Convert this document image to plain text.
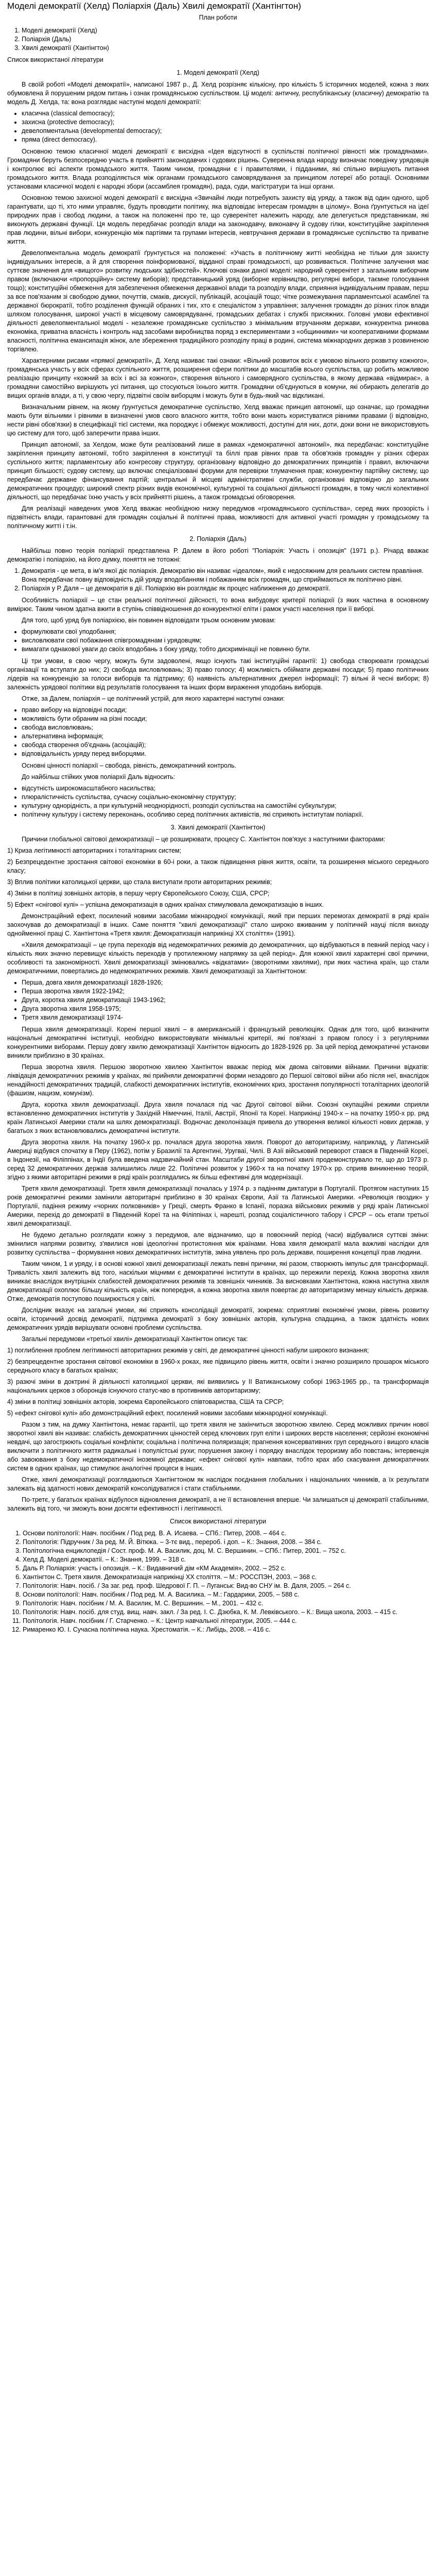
Моделі демократії (Хелд) Поліархія (Даль) Хвилі демократії (Хантінгтон)
План роботи
1. Моделі демократії (Хелд)
2. Поліархія (Даль)
3. Хвилі демократії (Хантінгтон)
Список використаної літератури
1. Моделі демократії (Хелд)

В своїй роботі «Моделі демократії», написаної 1987 р., Д. Хелд розрізняє кількісну, про кількість 5 історичних моделей, кожна з яких обумовлена й порушеним рядом питань і ознак громадянською суспільством. Ці моделі: античну, республіканську (класичну) демократію та модель Д. Хелда, та: вона розглядає наступні моделі демократії:

• класична (classical democracy);
• захисна (protective democracy);
• девелопментальна (developmental democracy);
• пряма (direct democracy).

Основною темою класичної моделі демократії є висхідна «Ідея відсутності в суспільстві політичної рівності між громадянами». Громадяни беруть безпосередню участь в прийнятті законодавчих і судових рішень. Суверенна влада народу визначає поведінку урядовців і контролює всі аспекти громадського життя. Таким чином, громадяни є і правителями, і підданими, які спільно вирішують питання громадського життя. Влада розподіляється між органами громадського самоврядування за принципом лотереї або ротації. Основними установами класичної моделі є народні збори (ассамблея громадян), рада, суди, магістратури та інші органи.

Основною темою захисної моделі демократії є висхідна «Звичайні люди потребують захисту від уряду, а також від один одного, щоб гарантувати, що ті, хто ними управляє, будуть проводити політику, яка відповідає інтересам громадян в цілому». Вона ґрунтується на ідеї природних прав і свобод людини, а також на положенні про те, що суверенітет належить народу, але делегується представникам, які виконують державні функції. Ця модель передбачає розподіл влади на законодавчу, виконавчу й судову гілки, конституційне закріплення прав людини, вільні вибори, конкуренцію між партіями та групами інтересів, невтручання держави в громадянське суспільство та приватне життя.

Девелопментальна модель демократії ґрунтується на положенні: «Участь в політичному житті необхідна не тільки для захисту індивідуальних інтересів, а й для створення поінформованої, відданої справі громадськості, що розвивається. Політичне залучення має суттєве значення для «вищого» розвитку людських здібностей». Ключові ознаки даної моделі: народний суверенітет з загальним виборчим правом (включаючи «пропорційну» систему виборів); представницький уряд (виборне керівництво, регулярні вибори, таємне голосування тощо); конституційні обмеження для забезпечення обмеження державної влади та розподілу влади, сприяння індивідуальним правам, перш за все пов'язаним зі свободою думки, почуттів, смаків, дискусії, публікацій, асоціацій тощо; чітке розмежування парламентської асамблеї та державної бюрократії, тобто розділення функцій обраних і тих, хто є спеціалістом з управління; залучення громадян до різних гілок влади шляхом голосування, широкої участі в місцевому самоврядуванні, громадських дебатах і службі присяжних. Головні умови ефективної діяльності девелопментальної моделі - незалежне громадянське суспільство з мінімальним втручанням держави, конкурентна ринкова економіка, приватна власність і контроль над засобами виробництва поряд з експериментами з «общинними» чи кооперативними формами власності, політична емансипація жінок, але збереження традиційного розподілу праці в родині, система міжнародних держав з розвиненою торгівлею.

Характерними рисами «прямої демократії», Д. Хелд називає такі ознаки: «Вільний розвиток всіх є умовою вільного розвитку кожного», громадянська участь у всіх сферах суспільного життя, розширення сфери політики до масштабів всього суспільства, що робить можливою реалізацію принципу «кожний за всіх і всі за кожного», створення вільного і самоврядного суспільства, в якому держава «відмирає», а громадяни самостійно вирішують усі питання, що стосуються їхнього життя. Громадяни об'єднуються в комуни, які обирають делегатів до вищих органів влади, а ті, у свою чергу, підзвітні своїм виборцям і можуть бути в будь-який час відкликані.

Визначальним рівнем, на якому ґрунтується демократичне суспільство, Хелд вважає принцип автономії, що означає, що громадяни мають бути вільними і рівними в визначенні умов свого власного життя, тобто вони мають користуватися рівними правами (і відповідно, нести рівні обов'язки) в специфікації тієї системи, яка породжує і обмежує можливості, доступні для них, доти, доки вони не використовують цю систему для того, щоб заперечити права інших.

Принцип автономії, за Хелдом, може бути реалізований лише в рамках «демократичної автономії», яка передбачає: конституційне закріплення принципу автономії, тобто закріплення в конституції та біллі прав рівних прав та обов'язків громадян у різних сферах суспільного життя; парламентську або конгресову структуру, організовану відповідно до демократичних принципів і правил, включаючи принцип більшості; судову систему, що включає спеціалізовані форуми для перевірки тлумачення прав; конкурентну партійну систему, що передбачає державне фінансування партій; центральні й місцеві адміністративні служби, організовані відповідно до загальних демократичних процедур; широкий спектр різних видів економічної, культурної та соціальної діяльності громадян, в тому числі колективної діяльності, що передбачає їхню участь у всіх прийнятті рішень, а також громадські обговорення.

Для реалізації наведених умов Хелд вважає необхідною низку передумов «громадянського суспільства», серед яких прозорість і підзвітність влади, гарантовані для громадян соціальні й політичні права, можливості для активної участі громадян у громадському та політичному житті і т.ін.

2. Поліархія (Даль)

Найбільш повно теорія поліархії представлена Р. Далем в його роботі "Поліархія: Участь і опозиція" (1971 р.). Річард вважає демократію і поліархію, на його думку, поняття не тотожні:

1. Демократія - це мета, в ім'я якої діє поліархія. Демократію він називає «ідеалом», який є недосяжним для реальних систем правління. Вона передбачає повну відповідність дій уряду вподобанням і побажанням всіх громадян, що сприймаються як політично рівні.
2. Поліархія у Р. Даля – це демократія в дії. Поліархію він розглядає як процес наближення до демократії.

Особливість поліархії – це стан реальної політичної дійсності, то вона вибудовує критерії поліархії (з яких частина в основному вимірює. Таким чином здатна вжити в ступінь співвідношення до конкурентної еліти і рамок участі населення при її виборі.

Для того, щоб уряд був поліархією, він повинен відповідати трьом основним умовам:

• формулювати свої уподобання;
• висловлювати свої побажання співгромадянам і урядовцям;
• вимагати однакової уваги до своїх вподобань з боку уряду, тобто дискримінації не повинно бути.

Ці три умови, в свою чергу, можуть бути задоволені, якщо існують такі інституційні гарантії: 1) свобода створювати громадські організації та вступати до них; 2) свобода висловлювань; 3) право голосу; 4) можливість обіймати державні посади; 5) право політичних лідерів на конкуренцію за голоси виборців та підтримку; 6) наявність альтернативних джерел інформації; 7) вільні й чесні вибори; 8) залежність урядової політики від результатів голосування та інших форм вираження уподобань виборців.

Отже, за Далем, поліархія – це політичний устрій, для якого характерні наступні ознаки:

• право вибору на відповідні посади;
• можливість бути обраним на різні посади;
• свобода висловлювань;
• альтернативна інформація;
• свобода створення об'єднань (асоціацій);
• відповідальність уряду перед виборцями.

Основні цінності поліархії – свобода, рівність, демократичний контроль.

До найбільш стійких умов поліархії Даль відносить:

• відсутність широкомасштабного насильства;
• плюралістичність суспільства, сучасну соціально-економічну структуру;
• культурну однорідність, а при культурній неоднорідності, розподіл суспільства на самостійні субкультури;
• політичну культуру і систему переконань, особливо серед політичних активістів, які сприяють інститутам поліархії.
3. Хвилі демократії (Хантінгтон)

Причини глобальної світової демократизації – це розширювати, процесу С. Хантінгтон пов'язує з наступними факторами:

1) Криза легітимності авторитарних і тоталітарних систем;

2) Безпрецедентне зростання світової економіки в 60-і роки, а також підвищення рівня життя, освіти, та розширення міського середнього класу;

3) Вплив політики католицької церкви, що стала виступати проти авторитарних режимів;

4) Зміни в політиці зовнішніх акторів, в першу чергу Європейського Союзу, США, СРСР;

5) Ефект «снігової кулі» – успішна демократизація в одних країнах стимулювала демократизацію в інших.

Демонстраційний ефект, посилений новими засобами міжнародної комунікації, який при перших перемогах демократії в ряді країн заохочував до демократизації в інших. Саме поняття "хвилі демократизації" стало широко вживаним у політичній науці після виходу однойменної праці С. Хантінгтона «Третя хвиля: Демократизація наприкінці ХХ століття» (1991).

«Хвиля демократизації – це група переходів від недемократичних режимів до демократичних, що відбуваються в певний період часу і кількість яких значно перевищує кількість переходів у протилежному напрямку за цей період». Для кожної хвилі характерні свої причини, особливості та закономірності. Хвилі демократизації змінювались «відкатами» (зворотними хвилями), при яких частина країн, що стали демократичними, повертались до недемократичних режимів. Хвилі демократизації за Хантінгтоном:

• Перша, довга хвиля демократизації 1828-1926;
• Перша зворотна хвиля 1922-1942;
• Друга, коротка хвиля демократизації 1943-1962;
• Друга зворотна хвиля 1958-1975;
• Третя хвиля демократизації 1974-

Перша хвиля демократизації. Корені першої хвилі – в американській і французькій революціях. Однак для того, щоб визначити національні демократичні інституції, необхідно використовувати мінімальні критерії, які пов'язані з правом голосу і з регулярними конкурентними виборами. Першу довгу хвилю демократизації Хантінгтон відносить до 1828-1926 рр. За цей період демократичні установи виникли приблизно в 30 країнах.

Перша зворотна хвиля. Першою зворотною хвилею Хантінгтон вважає період між двома світовими війнами. Причини відкатів: ліквідація демократичних режимів у країнах, які прийняли демократичні форми незадовго до Першої світової війни або після неї, внаслідок ненадійності демократичних традицій, слабкості демократичних інститутів, економічних криз, зростання популярності тоталітарних ідеологій (фашизм, нацизм, комунізм).

Друга, коротка хвиля демократизації. Друга хвиля почалася під час Другої світової війни. Союзні окупаційні режими сприяли встановленню демократичних інститутів у Західній Німеччині, Італії, Австрії, Японії та Кореї. Наприкінці 1940-х – на початку 1950-х рр. ряд країн Латинської Америки стали на шлях демократизації. Водночас деколонізація привела до утворення великої кількості нових держав, у багатьох з яких встановлювались демократичні інститути.

Друга зворотна хвиля. На початку 1960-х рр. почалася друга зворотна хвиля. Поворот до авторитаризму, наприклад, у Латинській Америці відбувся спочатку в Перу (1962), потім у Бразилії та Аргентині, Уругваї, Чилі. В Азії військовий переворот стався в Південній Кореї, в Індонезії, на Філіппінах, в Індії була введена надзвичайний стан. Масштаби другої зворотної хвилі продемонструвало те, що до 1973 р. серед 32 демократичних держав залишились лише 22. Політичні розвиток у 1960-х та на початку 1970-х рр. сприяв виникненню теорій, згідно з якими авторитарні режими в ряді країн розглядались як більш ефективні для модернізації.

Третя хвиля демократизації. Третя хвиля демократизації почалась у 1974 р. з падінням диктатури в Португалії. Протягом наступних 15 років демократичні режими замінили авторитарні приблизно в 30 країнах Європи, Азії та Латинської Америки. «Революція гвоздик» у Португалії, падіння режиму «чорних полковників» у Греції, смерть Франко в Іспанії, поразка військових режимів у ряді країн Латинської Америки, перехід до демократії в Південній Кореї та на Філіппінах і, нарешті, розпад соціалістичного табору і СРСР – ось етапи третьої хвилі демократизації.

Не будемо детально розглядати кожну з передумов, але відзначимо, що в повоєнний період (часи) відбувалися суттєві зміни: змінилися напрями розвитку, з'явилися нові ідеологічні протистояння між країнами. Нова хвиля демократії мала важливі наслідки для розвитку суспільства – формування нових демократичних інститутів, зміна уявлень про роль держави, поширення концепції прав людини.

Таким чином, 1 и уряду, і в основі кожної хвилі демократизації лежать певні причини, які разом, створюють імпульс для трансформації. Тривалість хвилі залежить від того, наскільки міцними є демократичні інститути в країнах, що пережили перехід. Кожна зворотна хвиля виникає внаслідок внутрішніх слабкостей демократичних режимів та зовнішніх чинників. За висновками Хантінгтона, кожна наступна хвиля демократизації охоплює більшу кількість країн, ніж попередня, а кожна зворотна хвиля повертає до авторитаризму меншу кількість держав. Отже, демократія поступово поширюється у світі.

Дослідник вказує на загальні умови, які сприяють консолідації демократії, зокрема: сприятливі економічні умови, рівень розвитку освіти, історичний досвід демократії, підтримка демократії з боку зовнішніх акторів, культурна спадщина, а також здатність нових демократичних урядів вирішувати основні проблеми суспільства.

Загальні передумови «третьої хвилі» демократизації Хантінгтон описує так:

1) поглиблення проблем легітимності авторитарних режимів у світі, де демократичні цінності набули широкого визнання;

2) безпрецедентне зростання світової економіки в 1960-х роках, яке підвищило рівень життя, освіти і значно розширило прошарок міського середнього класу в багатьох країнах;

3) разючі зміни в доктрині й діяльності католицької церкви, які виявились у ІІ Ватиканському соборі 1963-1965 рр., та трансформація національних церков з оборонців існуючого статус-кво в противників авторитаризму;

4) зміни в політиці зовнішніх акторів, зокрема Європейського співтовариства, США та СРСР;

5) «ефект снігової кулі» або демонстраційний ефект, посилений новими засобами міжнародної комунікації.

Разом з тим, на думку Хантінгтона, немає гарантії, що третя хвиля не закінчиться зворотною хвилею. Серед можливих причин нової зворотної хвилі він називає: слабкість демократичних цінностей серед ключових груп еліти і широких верств населення; серйозні економічні невдачі, що загострюють соціальні конфлікти; соціальна і політична поляризація; прагнення консервативних груп середнього і вищого класів виключити з політичного життя радикальні і популістські рухи; порушення закону і порядку внаслідок тероризму або повстань; інтервенція або завоювання з боку недемократичної іноземної держави; «ефект снігової кулі» навпаки, тобто крах або скасування демократичних систем в одних країнах, що стимулює аналогічні процеси в інших.

Отже, хвилі демократизації розглядаються Хантінгтоном як наслідок поєднання глобальних і національних чинників, а їх результати залежать від здатності нових демократій консолідуватися і стати стабільними.

По-третє, у багатьох країнах відбулося відновлення демократії, а не її встановлення вперше. Чи залишаться ці демократії стабільними, залежить від того, чи зможуть вони досягти ефективності і легітимності.

Список використаної літератури
1. Основи політології: Навч. посібник / Под ред. В. А. Исаева. – СПб.: Питер, 2008. – 464 с.
2. Політологія: Підручник / За ред. М. Й. Вітюка. – 3-тє вид., перероб. і доп. – К.: Знання, 2008. – 384 с.
3. Політологічна енциклопедія / Сост. проф. М. А. Василик, доц. М. С. Вершинин. – СПб.: Питер, 2001. – 752 с.
4. Хелд Д. Моделі демократії. – К.: Знання, 1999. – 318 с.
5. Даль Р. Поліархія: участь і опозиція. – К.: Видавничий дім «КМ Академія», 2002. – 252 с.
6. Хантінгтон С. Третя хвиля. Демократизація наприкінці ХХ століття. – М.: РОССПЭН, 2003. – 368 с.
7. Політологія: Навч. посіб. / За заг. ред. проф. Шедрової Г. П. – Луганськ: Вид-во СНУ ім. В. Даля, 2005. – 264 с.
8. Основи політології: Навч. посібник / Под ред. М. А. Василика. – М.: Гардарики, 2005. – 588 с.
9. Політологія: Навч. посібник / М. А. Василик, М. С. Вершинин. – М., 2001. – 432 с.
10. Політологія: Навч. посіб. для студ. вищ. навч. закл. / За ред. І. С. Дзюбка, К. М. Левківського. – К.: Вища школа, 2003. – 415 с.
11. Політологія. Навч. посібник / Г. Старченко. – К.: Центр навчальної літератури, 2005. – 444 с.
12. Римаренко Ю. І. Сучасна політична наука. Хрестоматія. – К.: Либідь, 2008. – 416 с.
